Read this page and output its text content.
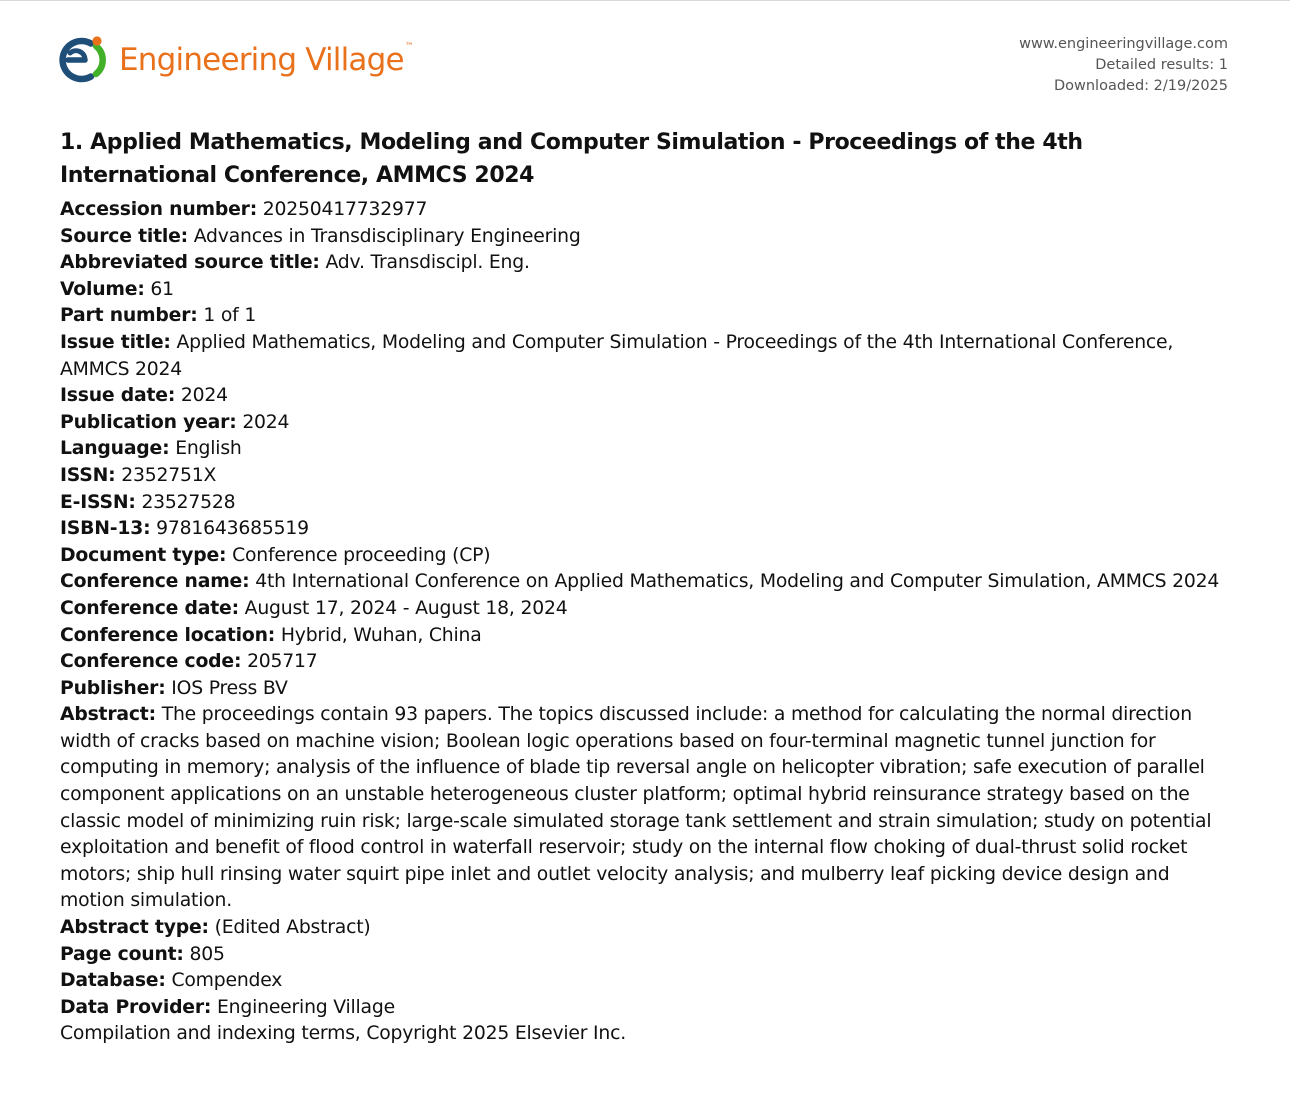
Engineering Village™	www.engineeringvillage.com
Detailed results: 1
Downloaded: 2/19/2025
1. Applied Mathematics, Modeling and Computer Simulation - Proceedings of the 4th International Conference, AMMCS 2024
Accession number: 20250417732977
Source title: Advances in Transdisciplinary Engineering
Abbreviated source title: Adv. Transdiscipl. Eng.
Volume: 61
Part number: 1 of 1
Issue title: Applied Mathematics, Modeling and Computer Simulation - Proceedings of the 4th International Conference, AMMCS 2024
Issue date: 2024
Publication year: 2024
Language: English
ISSN: 2352751X
E-ISSN: 23527528
ISBN-13: 9781643685519
Document type: Conference proceeding (CP)
Conference name: 4th International Conference on Applied Mathematics, Modeling and Computer Simulation, AMMCS 2024
Conference date: August 17, 2024 - August 18, 2024
Conference location: Hybrid, Wuhan, China
Conference code: 205717
Publisher: IOS Press BV
Abstract: The proceedings contain 93 papers. The topics discussed include: a method for calculating the normal direction width of cracks based on machine vision; Boolean logic operations based on four-terminal magnetic tunnel junction for computing in memory; analysis of the influence of blade tip reversal angle on helicopter vibration; safe execution of parallel component applications on an unstable heterogeneous cluster platform; optimal hybrid reinsurance strategy based on the classic model of minimizing ruin risk; large-scale simulated storage tank settlement and strain simulation; study on potential exploitation and benefit of flood control in waterfall reservoir; study on the internal flow choking of dual-thrust solid rocket motors; ship hull rinsing water squirt pipe inlet and outlet velocity analysis; and mulberry leaf picking device design and motion simulation.
Abstract type: (Edited Abstract)
Page count: 805
Database: Compendex
Data Provider: Engineering Village
Compilation and indexing terms, Copyright 2025 Elsevier Inc.
